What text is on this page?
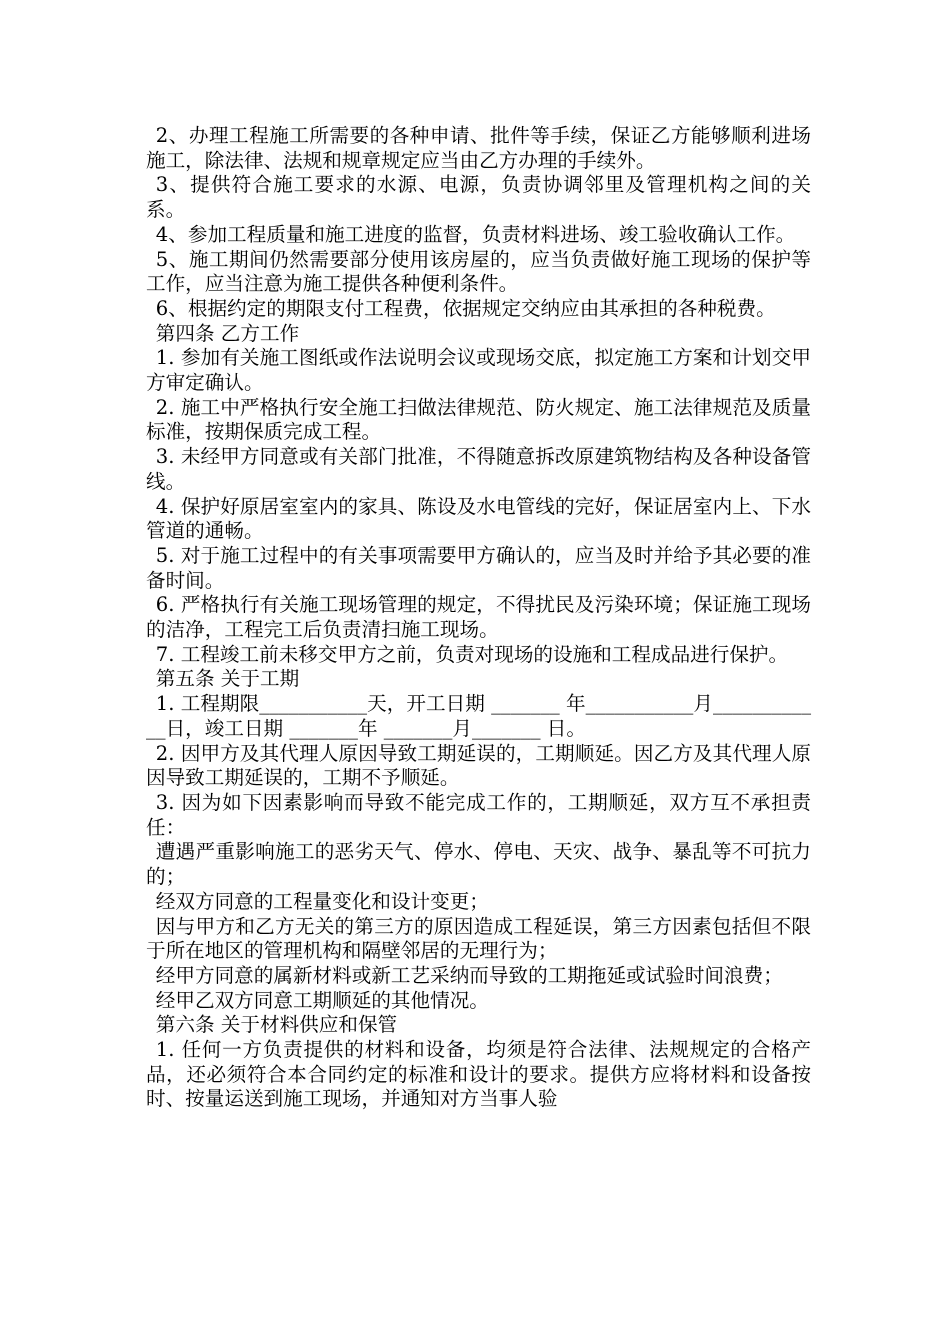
2、办理工程施工所需要的各种申请、批件等手续，保证乙方能够顺利进场施工，除法律、法规和规章规定应当由乙方办理的手续外。

3、提供符合施工要求的水源、电源，负责协调邻里及管理机构之间的关系。

4、参加工程质量和施工进度的监督，负责材料进场、竣工验收确认工作。

5、施工期间仍然需要部分使用该房屋的，应当负责做好施工现场的保护等工作，应当注意为施工提供各种便利条件。

6、根据约定的期限支付工程费，依据规定交纳应由其承担的各种税费。

第四条 乙方工作

1. 参加有关施工图纸或作法说明会议或现场交底，拟定施工方案和计划交甲方审定确认。

2. 施工中严格执行安全施工扫做法律规范、防火规定、施工法律规范及质量标准，按期保质完成工程。

3. 未经甲方同意或有关部门批准，不得随意拆改原建筑物结构及各种设备管线。

4. 保护好原居室室内的家具、陈设及水电管线的完好，保证居室内上、下水管道的通畅。

5. 对于施工过程中的有关事项需要甲方确认的，应当及时并给予其必要的准备时间。

6. 严格执行有关施工现场管理的规定，不得扰民及污染环境；保证施工现场的洁净，工程完工后负责清扫施工现场。

7. 工程竣工前未移交甲方之前，负责对现场的设施和工程成品进行保护。

第五条 关于工期

1. 工程期限___________天，开工日期 _______ 年___________月____________日，竣工日期 _______年 _______月_______ 日。

2. 因甲方及其代理人原因导致工期延误的，工期顺延。因乙方及其代理人原因导致工期延误的，工期不予顺延。

3. 因为如下因素影响而导致不能完成工作的，工期顺延，双方互不承担责任：

遭遇严重影响施工的恶劣天气、停水、停电、天灾、战争、暴乱等不可抗力的；

经双方同意的工程量变化和设计变更；

因与甲方和乙方无关的第三方的原因造成工程延误，第三方因素包括但不限于所在地区的管理机构和隔壁邻居的无理行为；

经甲方同意的属新材料或新工艺采纳而导致的工期拖延或试验时间浪费；

经甲乙双方同意工期顺延的其他情况。

第六条 关于材料供应和保管

1. 任何一方负责提供的材料和设备，均须是符合法律、法规规定的合格产品，还必须符合本合同约定的标准和设计的要求。提供方应将材料和设备按时、按量运送到施工现场，并通知对方当事人验
